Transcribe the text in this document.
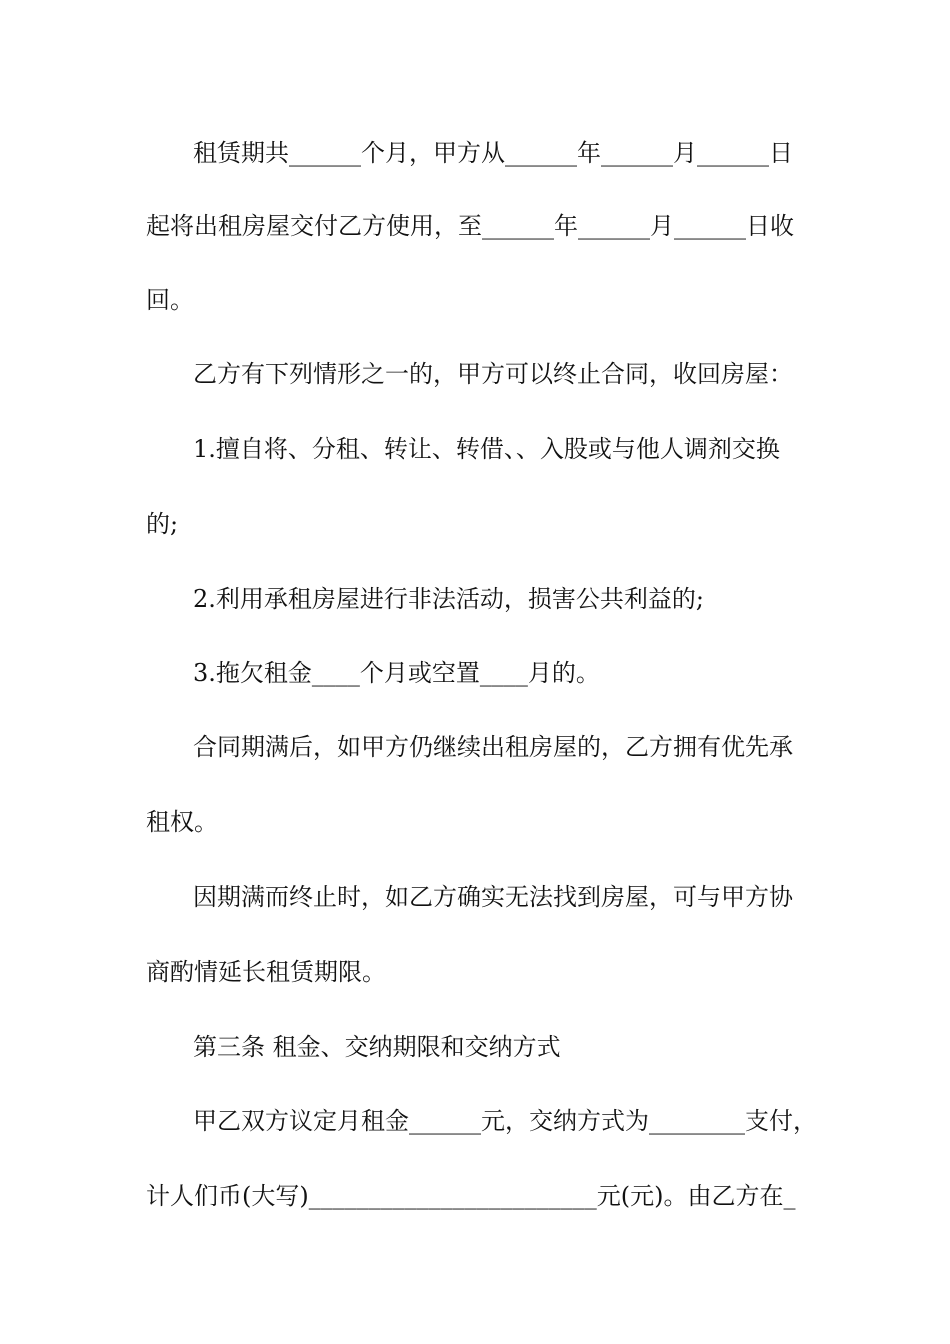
租赁期共______个月，甲方从______年______月______日
起将出租房屋交付乙方使用，至______年______月______日收
回。
乙方有下列情形之一的，甲方可以终止合同，收回房屋：
1.擅自将、分租、转让、转借、、入股或与他人调剂交换
的;
2.利用承租房屋进行非法活动，损害公共利益的;
3.拖欠租金____个月或空置____月的。
合同期满后，如甲方仍继续出租房屋的，乙方拥有优先承
租权。
因期满而终止时，如乙方确实无法找到房屋，可与甲方协
商酌情延长租赁期限。
第三条 租金、交纳期限和交纳方式
甲乙双方议定月租金______元，交纳方式为________支付，
计人们币(大写)________________________元(元)。由乙方在_
